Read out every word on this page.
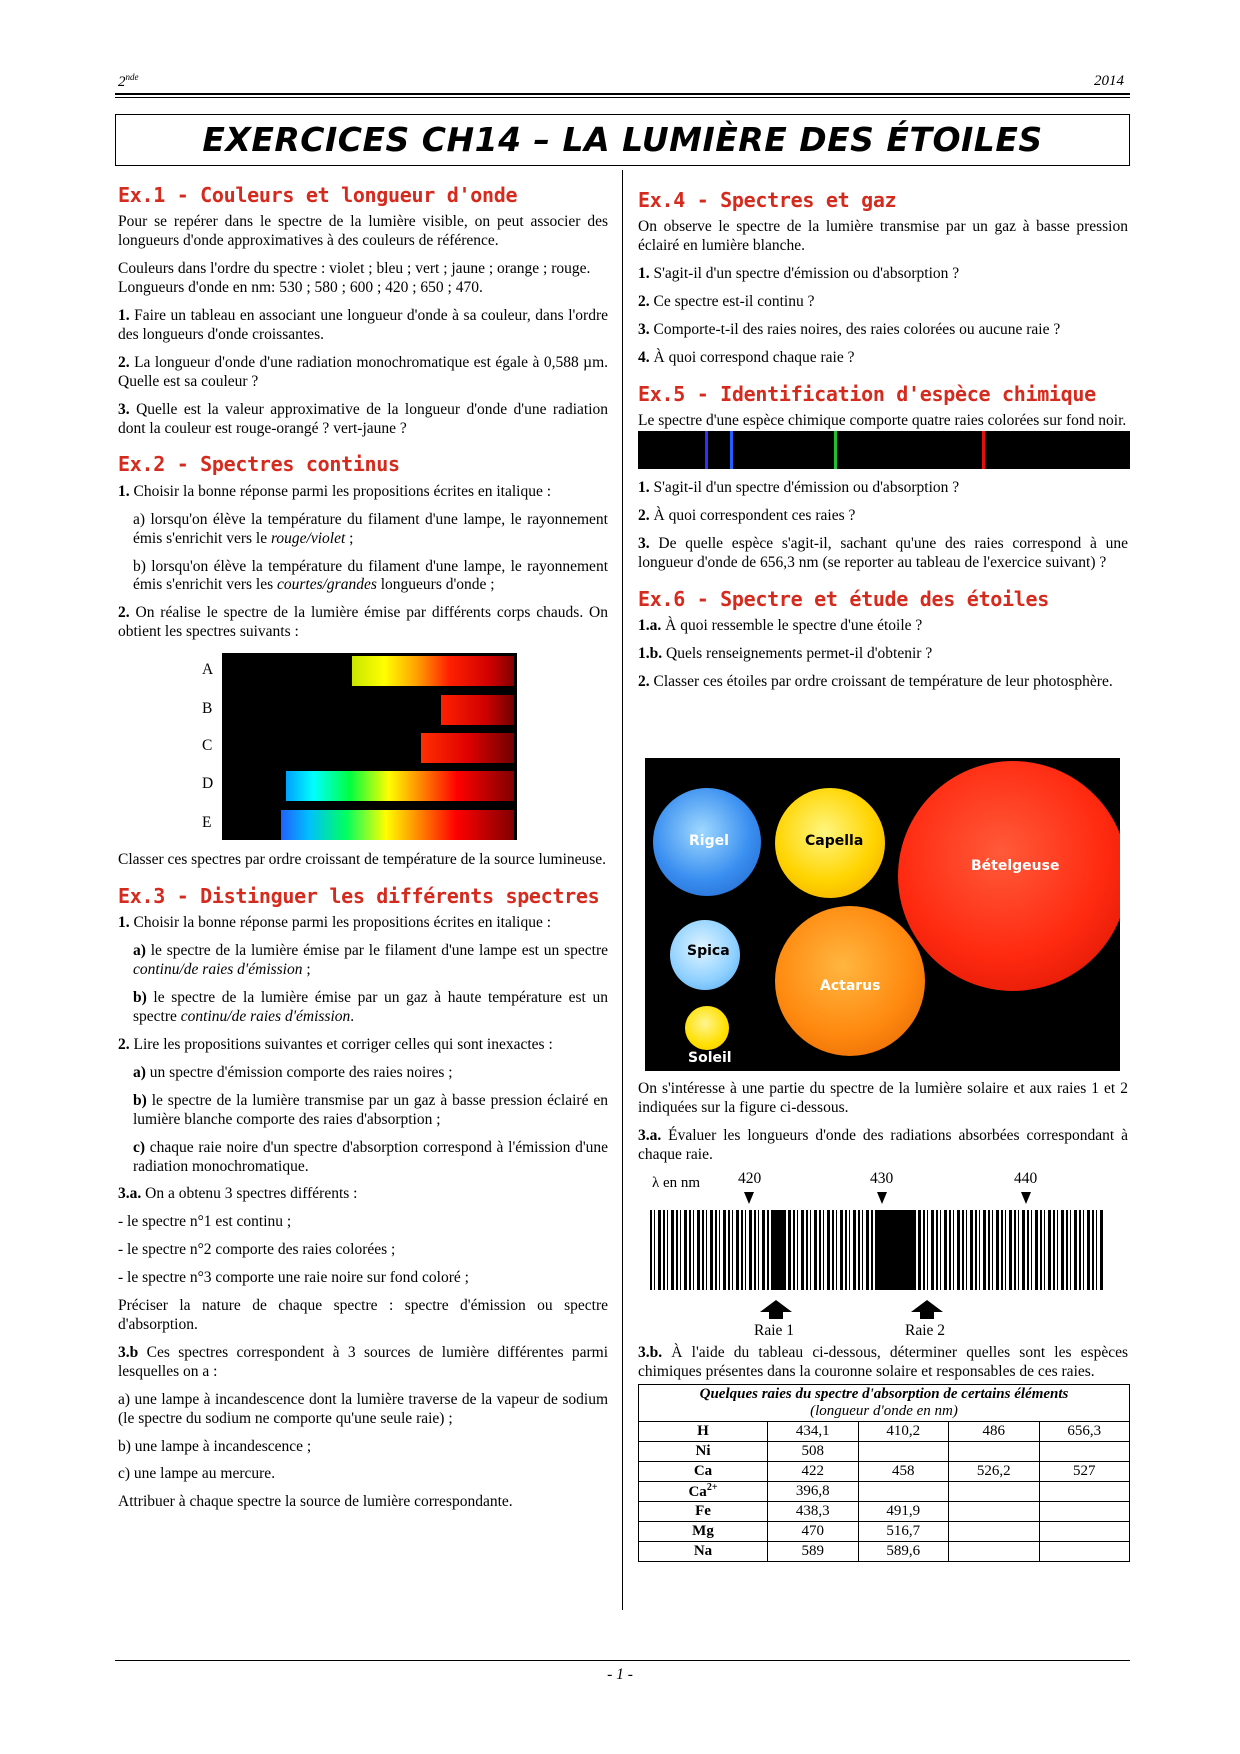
2nde	2014
EXERCICES CH14 – LA LUMIÈRE DES ÉTOILES
Ex.1 - Couleurs et longueur d'onde

Pour se repérer dans le spectre de la lumière visible, on peut associer des longueurs d'onde approximatives à des couleurs de référence.

Couleurs dans l'ordre du spectre : violet ; bleu ; vert ; jaune ; orange ; rouge.

Longueurs d'onde en nm: 530 ; 580 ; 600 ; 420 ; 650 ; 470.

1. Faire un tableau en associant une longueur d'onde à sa couleur, dans l'ordre des longueurs d'onde croissantes.

2. La longueur d'onde d'une radiation monochromatique est égale à 0,588 µm. Quelle est sa couleur ?

3. Quelle est la valeur approximative de la longueur d'onde d'une radiation dont la couleur est rouge-orangé ? vert-jaune ?

Ex.2 - Spectres continus

1. Choisir la bonne réponse parmi les propositions écrites en italique :

a) lorsqu'on élève la température du filament d'une lampe, le rayonnement émis s'enrichit vers le rouge/violet ;

b) lorsqu'on élève la température du filament d'une lampe, le rayonnement émis s'enrichit vers les courtes/grandes longueurs d'onde ;

2. On réalise le spectre de la lumière émise par différents corps chauds. On obtient les spectres suivants :

A
B
C
D
E

Classer ces spectres par ordre croissant de température de la source lumineuse.

Ex.3 - Distinguer les différents spectres

1. Choisir la bonne réponse parmi les propositions écrites en italique :

a) le spectre de la lumière émise par le filament d'une lampe est un spectre continu/de raies d'émission ;

b) le spectre de la lumière émise par un gaz à haute température est un spectre continu/de raies d'émission.

2. Lire les propositions suivantes et corriger celles qui sont inexactes :

a) un spectre d'émission comporte des raies noires ;

b) le spectre de la lumière transmise par un gaz à basse pression éclairé en lumière blanche comporte des raies d'absorption ;

c) chaque raie noire d'un spectre d'absorption correspond à l'émission d'une radiation monochromatique.

3.a. On a obtenu 3 spectres différents :

- le spectre n°1 est continu ;

- le spectre n°2 comporte des raies colorées ;

- le spectre n°3 comporte une raie noire sur fond coloré ;

Préciser la nature de chaque spectre : spectre d'émission ou spectre d'absorption.

3.b Ces spectres correspondent à 3 sources de lumière différentes parmi lesquelles on a :

a) une lampe à incandescence dont la lumière traverse de la vapeur de sodium (le spectre du sodium ne comporte qu'une seule raie) ;

b) une lampe à incandescence ;

c) une lampe au mercure.

Attribuer à chaque spectre la source de lumière correspondante.

Ex.4 - Spectres et gaz

On observe le spectre de la lumière transmise par un gaz à basse pression éclairé en lumière blanche.

1. S'agit-il d'un spectre d'émission ou d'absorption ?

2. Ce spectre est-il continu ?

3. Comporte-t-il des raies noires, des raies colorées ou aucune raie ?

4. À quoi correspond chaque raie ?

Ex.5 - Identification d'espèce chimique

Le spectre d'une espèce chimique comporte quatre raies colorées sur fond noir.

1. S'agit-il d'un spectre d'émission ou d'absorption ?

2. À quoi correspondent ces raies ?

3. De quelle espèce s'agit-il, sachant qu'une des raies correspond à une longueur d'onde de 656,3 nm (se reporter au tableau de l'exercice suivant) ?

Ex.6 - Spectre et étude des étoiles

1.a. À quoi ressemble le spectre d'une étoile ?

1.b. Quels renseignements permet-il d'obtenir ?

2. Classer ces étoiles par ordre croissant de température de leur photosphère.

Rigel	Capella
Bételgeuse
Spica
Actarus
Soleil

On s'intéresse à une partie du spectre de la lumière solaire et aux raies 1 et 2 indiquées sur la figure ci-dessous.

3.a. Évaluer les longueurs d'onde des radiations absorbées correspondant à chaque raie.

λ en nm 420	430	440
Raie 1	Raie 2

3.b. À l'aide du tableau ci-dessous, déterminer quelles sont les espèces chimiques présentes dans la couronne solaire et responsables de ces raies.

Quelques raies du spectre d'absorption de certains éléments
(longueur d'onde en nm)				
H	434,1	410,2	486	656,3
Ni	508			
Ca	422	458	526,2	527
$Ca^{2+}$	396,8			
Fe	438,3	491,9		
Mg	470	516,7		
Na	589	589,6		
- 1 -
